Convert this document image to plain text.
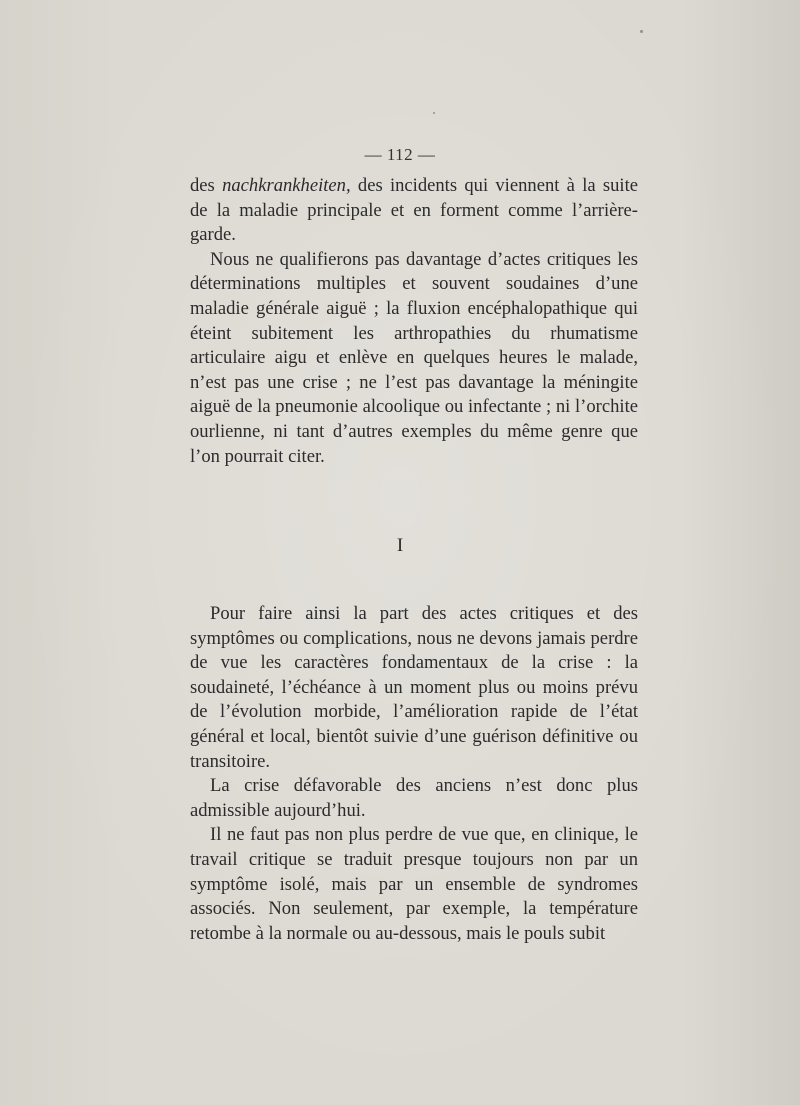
— 112 —

des nachkrankheiten, des incidents qui viennent à la suite de la maladie principale et en forment comme l’arrière-garde.

Nous ne qualifierons pas davantage d’actes critiques les déterminations multiples et souvent soudaines d’une maladie générale aiguë ; la fluxion encéphalopathique qui éteint subitement les arthropathies du rhumatisme articulaire aigu et enlève en quelques heures le malade, n’est pas une crise ; ne l’est pas davantage la méningite aiguë de la pneumonie alcoolique ou infectante ; ni l’orchite ourlienne, ni tant d’autres exemples du même genre que l’on pourrait citer.

I

Pour faire ainsi la part des actes critiques et des symptômes ou complications, nous ne devons jamais perdre de vue les caractères fondamentaux de la crise : la soudaineté, l’échéance à un moment plus ou moins prévu de l’évolution morbide, l’amélioration rapide de l’état général et local, bientôt suivie d’une guérison définitive ou transitoire.

La crise défavorable des anciens n’est donc plus admissible aujourd’hui.

Il ne faut pas non plus perdre de vue que, en clinique, le travail critique se traduit presque toujours non par un symptôme isolé, mais par un ensemble de syndromes associés. Non seulement, par exemple, la température retombe à la normale ou au-dessous, mais le pouls subit
